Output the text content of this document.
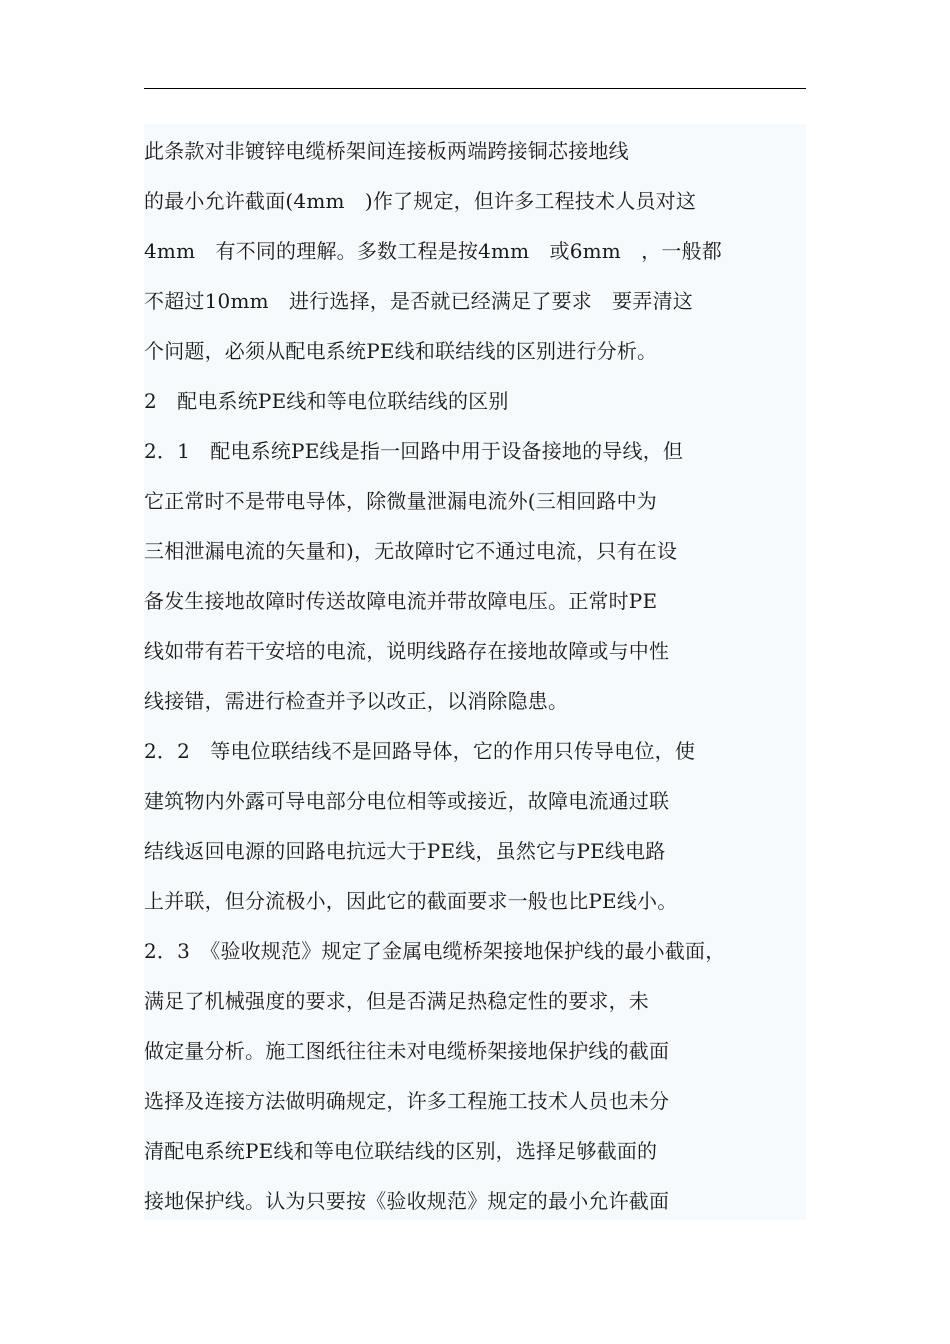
此条款对非镀锌电缆桥架间连接板两端跨接铜芯接地线
的最小允许截面(4mm　)作了规定，但许多工程技术人员对这
4mm　有不同的理解。多数工程是按4mm　或6mm　，一般都
不超过10mm　进行选择，是否就已经满足了要求　要弄清这
个问题，必须从配电系统PE线和联结线的区别进行分析。
2　配电系统PE线和等电位联结线的区别
2．1　配电系统PE线是指一回路中用于设备接地的导线，但
它正常时不是带电导体，除微量泄漏电流外(三相回路中为
三相泄漏电流的矢量和)，无故障时它不通过电流，只有在设
备发生接地故障时传送故障电流并带故障电压。正常时PE
线如带有若干安培的电流，说明线路存在接地故障或与中性
线接错，需进行检查并予以改正，以消除隐患。
2．2　等电位联结线不是回路导体，它的作用只传导电位，使
建筑物内外露可导电部分电位相等或接近，故障电流通过联
结线返回电源的回路电抗远大于PE线，虽然它与PE线电路
上并联，但分流极小，因此它的截面要求一般也比PE线小。
2．3　《验收规范》规定了金属电缆桥架接地保护线的最小截面，
满足了机械强度的要求，但是否满足热稳定性的要求，未
做定量分析。施工图纸往往未对电缆桥架接地保护线的截面
选择及连接方法做明确规定，许多工程施工技术人员也未分
清配电系统PE线和等电位联结线的区别，选择足够截面的
接地保护线。认为只要按《验收规范》规定的最小允许截面
